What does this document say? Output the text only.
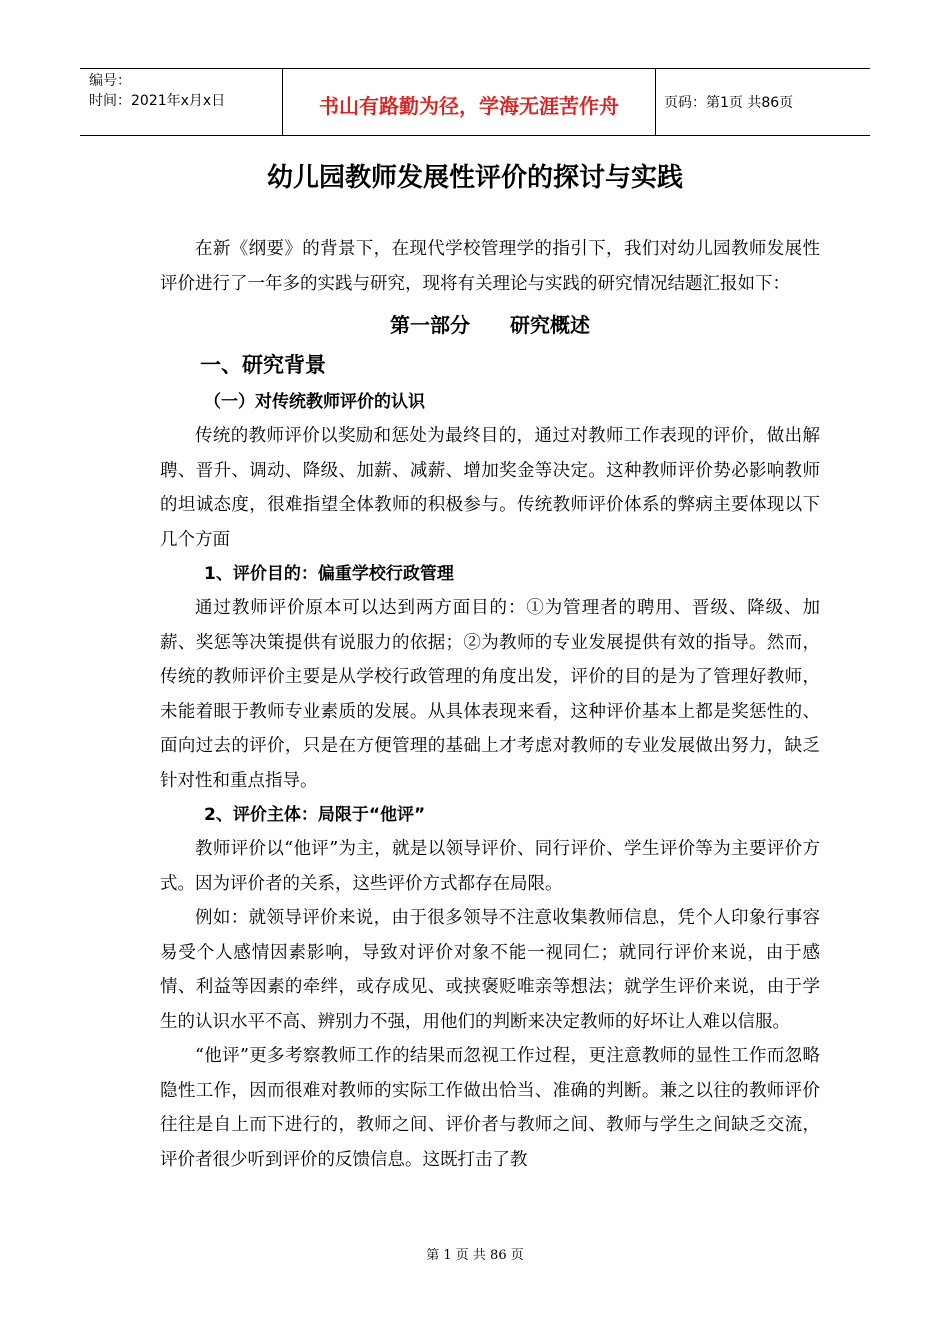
编号：
时间：2021年x月x日	书山有路勤为径，学海无涯苦作舟	页码：第1页 共86页
幼儿园教师发展性评价的探讨与实践

在新《纲要》的背景下，在现代学校管理学的指引下，我们对幼儿园教师发展性评价进行了一年多的实践与研究，现将有关理论与实践的研究情况结题汇报如下：

第一部分　　研究概述
一、研究背景
（一）对传统教师评价的认识

传统的教师评价以奖励和惩处为最终目的，通过对教师工作表现的评价，做出解聘、晋升、调动、降级、加薪、减薪、增加奖金等决定。这种教师评价势必影响教师的坦诚态度，很难指望全体教师的积极参与。传统教师评价体系的弊病主要体现以下几个方面

1、评价目的：偏重学校行政管理

通过教师评价原本可以达到两方面目的：①为管理者的聘用、晋级、降级、加薪、奖惩等决策提供有说服力的依据；②为教师的专业发展提供有效的指导。然而，传统的教师评价主要是从学校行政管理的角度出发，评价的目的是为了管理好教师，未能着眼于教师专业素质的发展。从具体表现来看，这种评价基本上都是奖惩性的、面向过去的评价，只是在方便管理的基础上才考虑对教师的专业发展做出努力，缺乏针对性和重点指导。

2、评价主体：局限于“他评”

教师评价以“他评”为主，就是以领导评价、同行评价、学生评价等为主要评价方式。因为评价者的关系，这些评价方式都存在局限。

例如：就领导评价来说，由于很多领导不注意收集教师信息，凭个人印象行事容易受个人感情因素影响，导致对评价对象不能一视同仁；就同行评价来说，由于感情、利益等因素的牵绊，或存成见、或挟褒贬唯亲等想法；就学生评价来说，由于学生的认识水平不高、辨别力不强，用他们的判断来决定教师的好坏让人难以信服。

“他评”更多考察教师工作的结果而忽视工作过程，更注意教师的显性工作而忽略隐性工作，因而很难对教师的实际工作做出恰当、准确的判断。兼之以往的教师评价往往是自上而下进行的，教师之间、评价者与教师之间、教师与学生之间缺乏交流，评价者很少听到评价的反馈信息。这既打击了教

第 1 页 共 86 页
